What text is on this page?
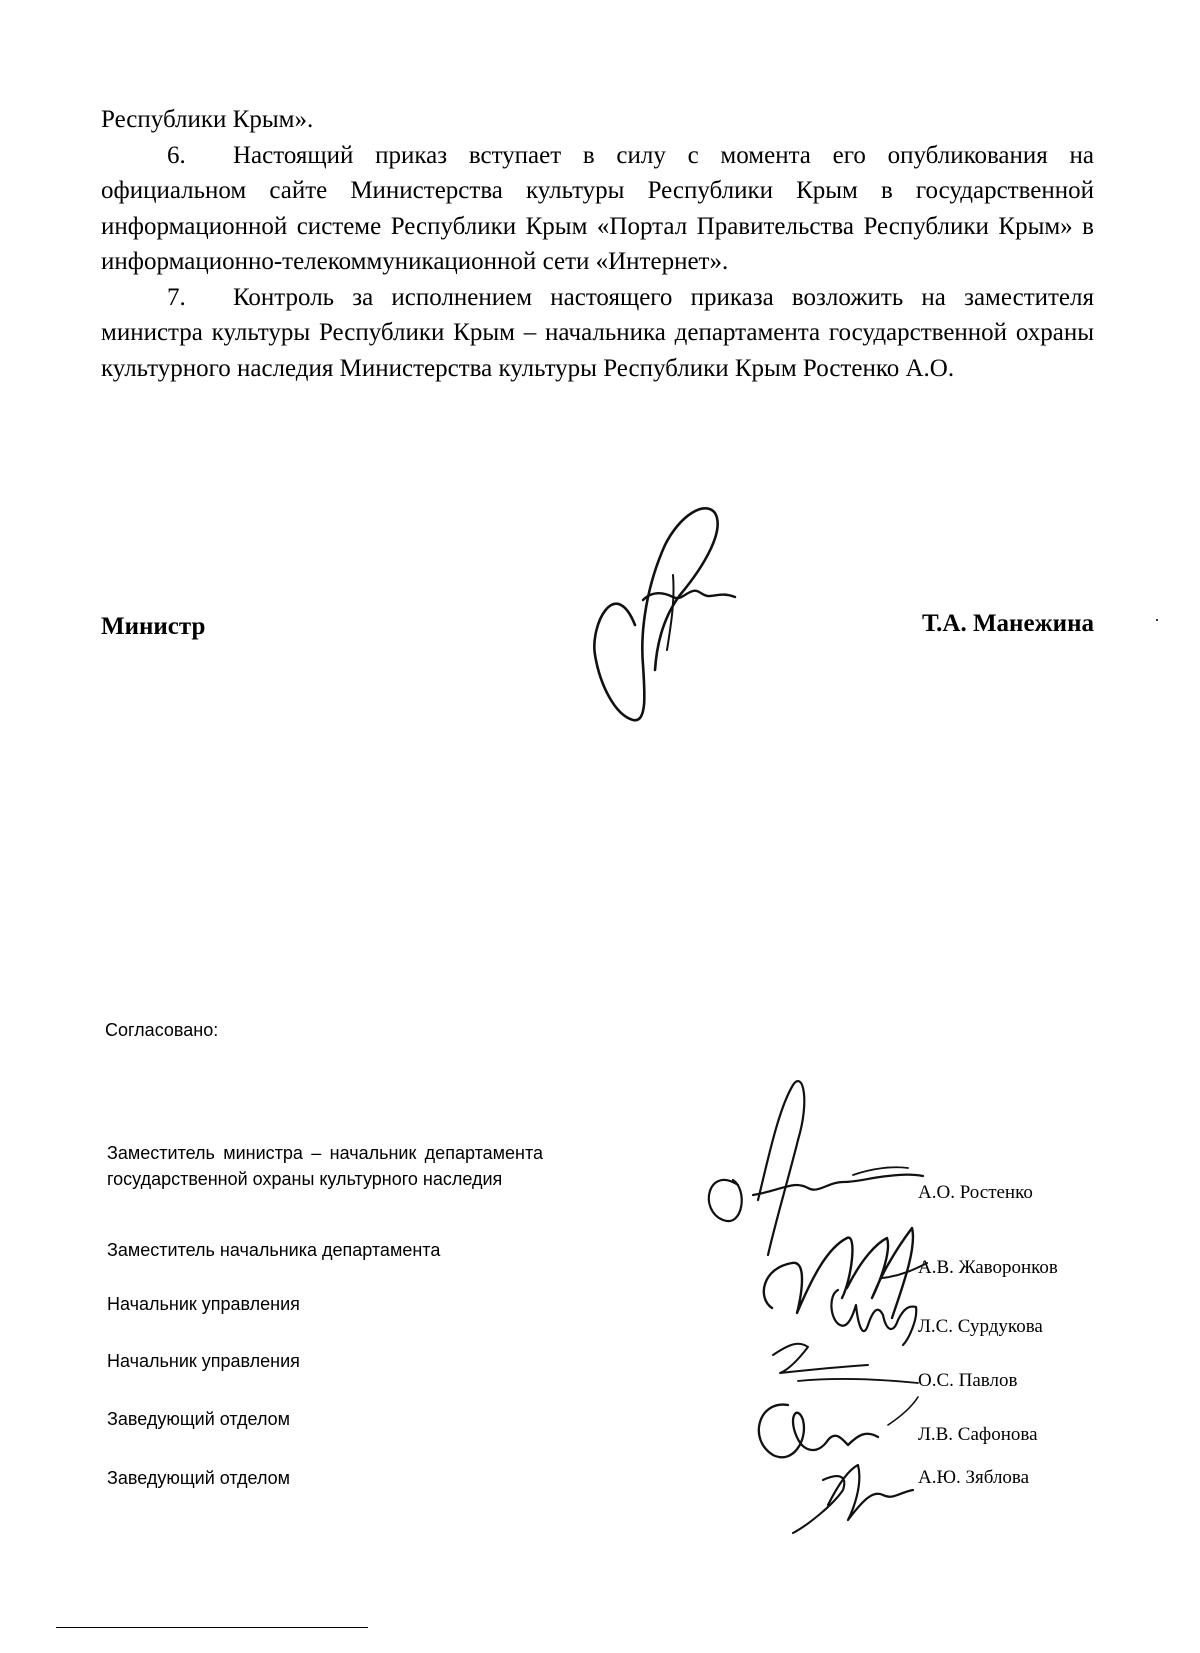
Республики Крым».

6. Настоящий приказ вступает в силу с момента его опубликования на официальном сайте Министерства культуры Республики Крым в государственной информационной системе Республики Крым «Портал Правительства Республики Крым» в информационно-телекоммуникационной сети «Интернет».

7. Контроль за исполнением настоящего приказа возложить на заместителя министра культуры Республики Крым – начальника департамента государственной охраны культурного наследия Министерства культуры Республики Крым Ростенко А.О.

Министр	Т.А. Манежина
Согласовано:
Заместитель министра – начальник департамента государственной охраны культурного наследия
Заместитель начальника департамента
Начальник управления
Начальник управления
Заведующий отделом
Заведующий отделом
А.О. Ростенко
А.В. Жаворонков
Л.С. Сурдукова
О.С. Павлов
Л.В. Сафонова
А.Ю. Зяблова
